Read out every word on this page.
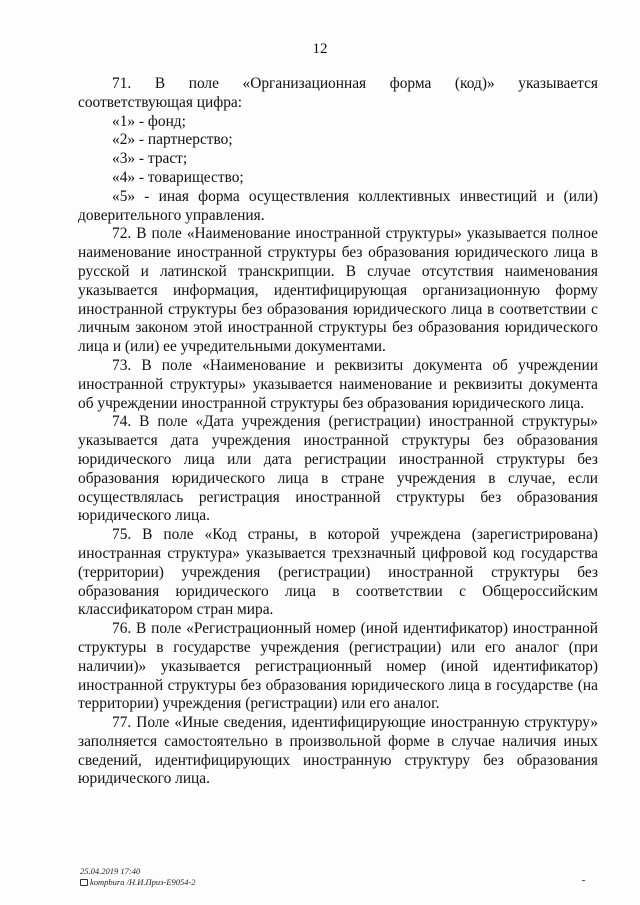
12

71. В поле «Организационная форма (код)» указывается соответствующая цифра:

«1» - фонд;

«2» - партнерство;

«3» - траст;

«4» - товарищество;

«5» - иная форма осуществления коллективных инвестиций и (или) доверительного управления.

72. В поле «Наименование иностранной структуры» указывается полное наименование иностранной структуры без образования юридического лица в русской и латинской транскрипции. В случае отсутствия наименования указывается информация, идентифицирующая организационную форму иностранной структуры без образования юридического лица в соответствии с личным законом этой иностранной структуры без образования юридического лица и (или) ее учредительными документами.

73. В поле «Наименование и реквизиты документа об учреждении иностранной структуры» указывается наименование и реквизиты документа об учреждении иностранной структуры без образования юридического лица.

74. В поле «Дата учреждения (регистрации) иностранной структуры» указывается дата учреждения иностранной структуры без образования юридического лица или дата регистрации иностранной структуры без образования юридического лица в стране учреждения в случае, если осуществлялась регистрация иностранной структуры без образования юридического лица.

75. В поле «Код страны, в которой учреждена (зарегистрирована) иностранная структура» указывается трехзначный цифровой код государства (территории) учреждения (регистрации) иностранной структуры без образования юридического лица в соответствии с Общероссийским классификатором стран мира.

76. В поле «Регистрационный номер (иной идентификатор) иностранной структуры в государстве учреждения (регистрации) или его аналог (при наличии)» указывается регистрационный номер (иной идентификатор) иностранной структуры без образования юридического лица в государстве (на территории) учреждения (регистрации) или его аналог.

77. Поле «Иные сведения, идентифицирующие иностранную структуру» заполняется самостоятельно в произвольной форме в случае наличия иных сведений, идентифицирующих иностранную структуру без образования юридического лица.

25.04.2019 17:40
kompbura /Н.И.Приз-Е9054-2
